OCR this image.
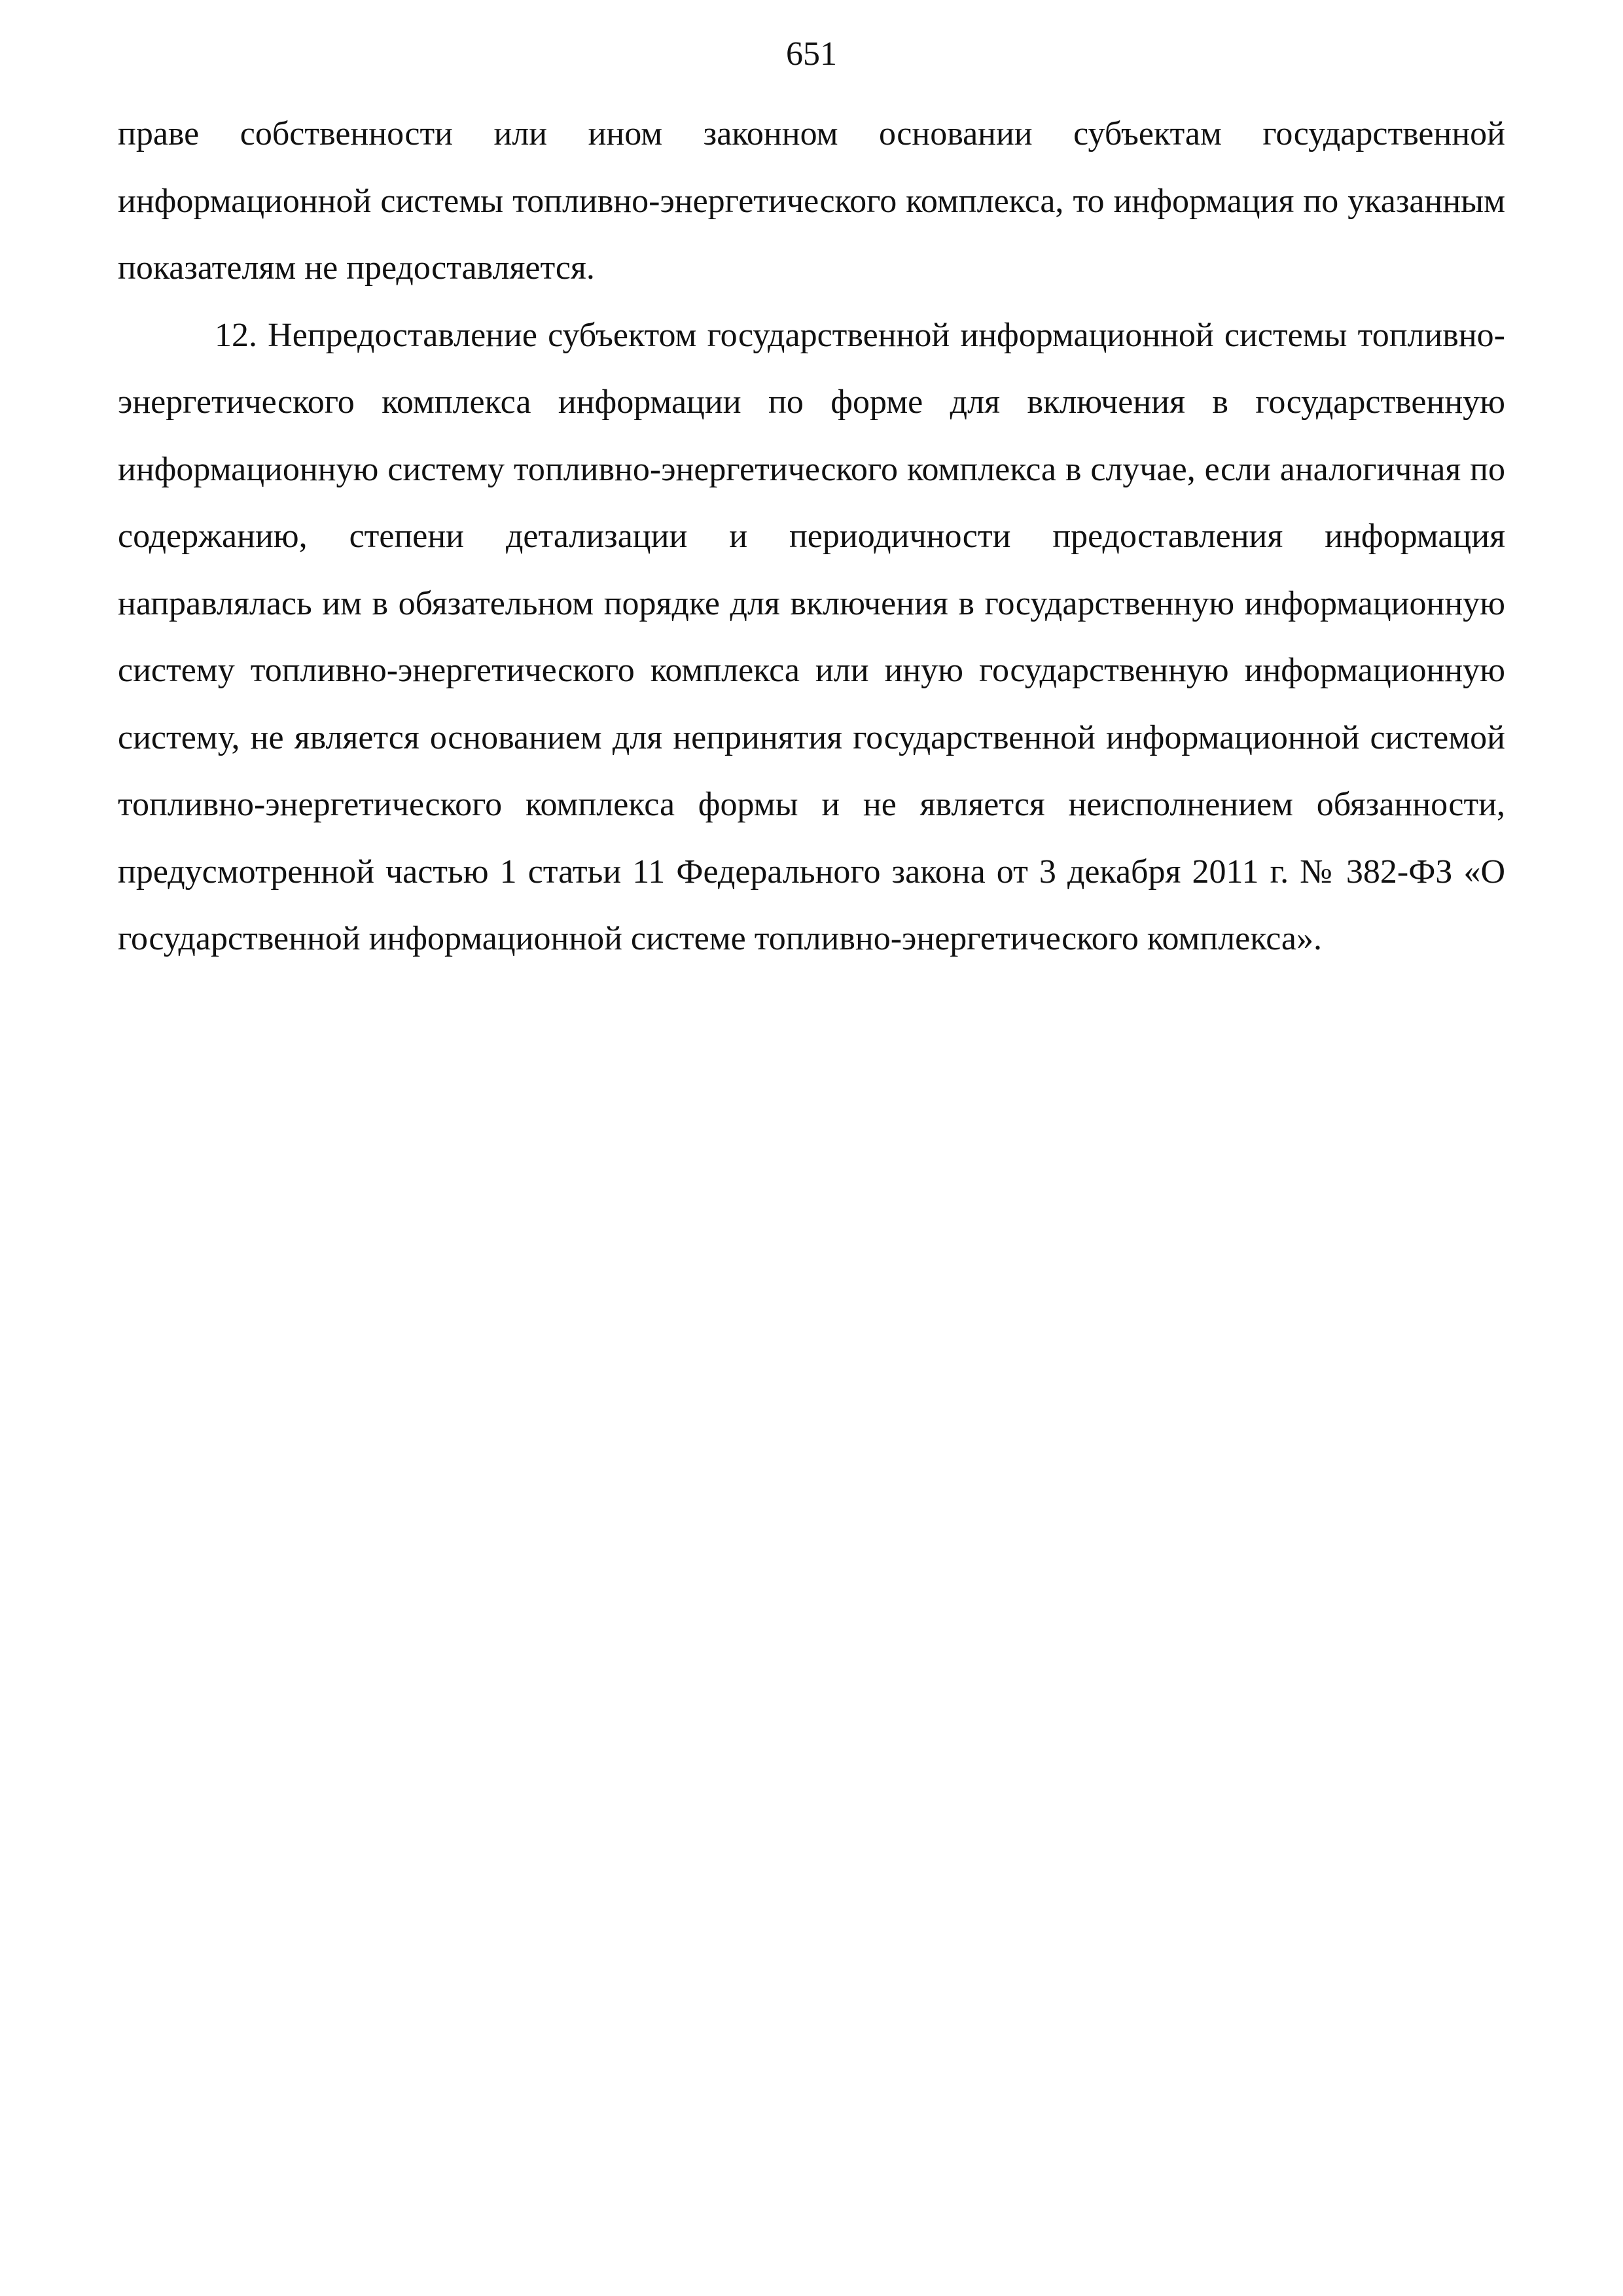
651

праве собственности или ином законном основании субъектам государственной информационной системы топливно-энергетического комплекса, то информация по указанным показателям не предоставляется.

12. Непредоставление субъектом государственной информационной системы топливно-энергетического комплекса информации по форме для включения в государственную информационную систему топливно-энергетического комплекса в случае, если аналогичная по содержанию, степени детализации и периодичности предоставления информация направлялась им в обязательном порядке для включения в государственную информационную систему топливно-энергетического комплекса или иную государственную информационную систему, не является основанием для непринятия государственной информационной системой топливно-энергетического комплекса формы и не является неисполнением обязанности, предусмотренной частью 1 статьи 11 Федерального закона от 3 декабря 2011 г. № 382-ФЗ «О государственной информационной системе топливно-энергетического комплекса».
